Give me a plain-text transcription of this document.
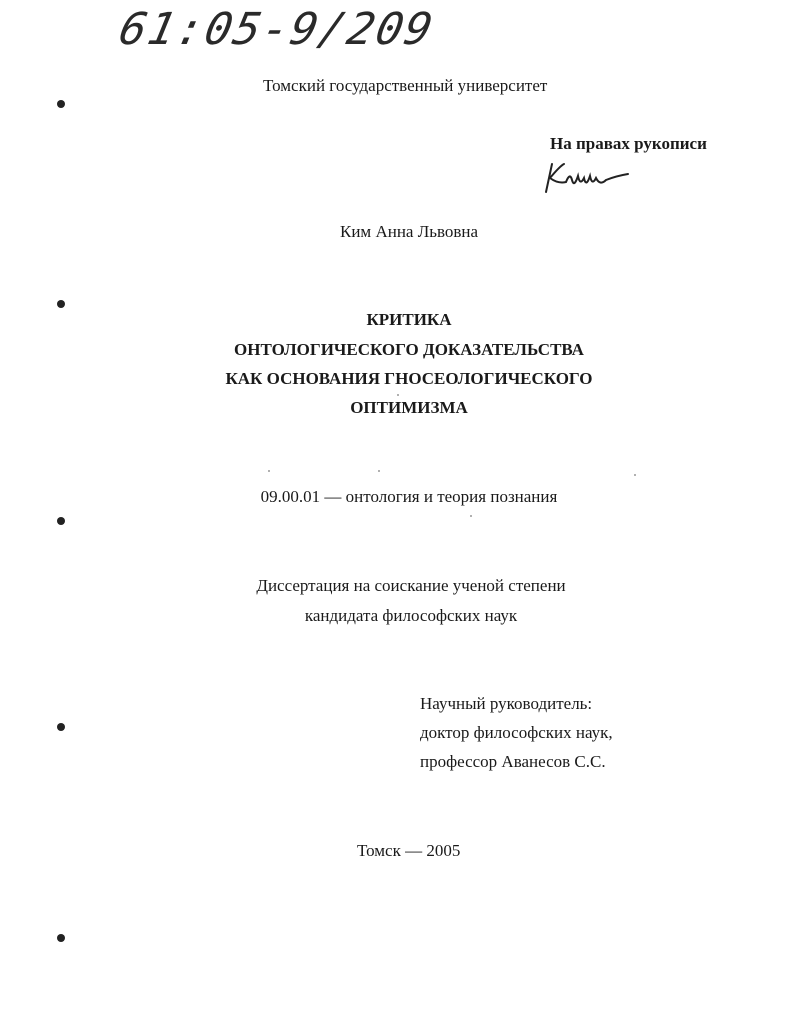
61:05-9/209
Томский государственный университет
На правах рукописи
Ким Анна Львовна
КРИТИКА
ОНТОЛОГИЧЕСКОГО ДОКАЗАТЕЛЬСТВА
КАК ОСНОВАНИЯ ГНОСЕОЛОГИЧЕСКОГО
ОПТИМИЗМА
09.00.01 — онтология и теория познания
Диссертация на соискание ученой степени
кандидата философских наук
Научный руководитель:
доктор философских наук,
профессор Аванесов С.С.
Томск — 2005
